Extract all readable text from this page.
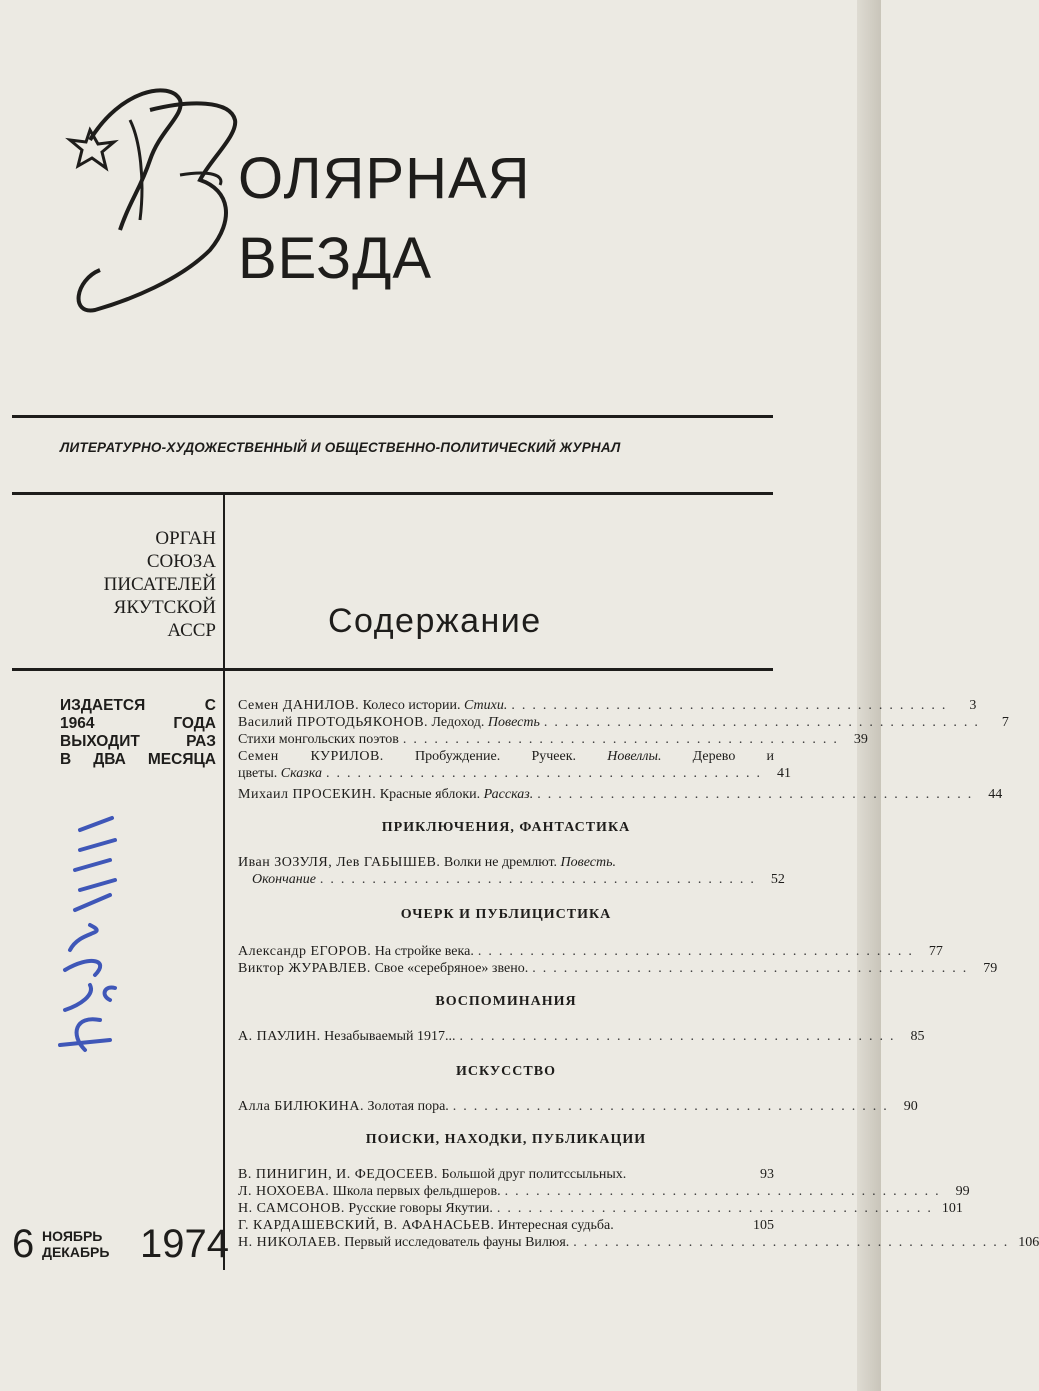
ОЛЯРНАЯ
ВЕЗДА
ЛИТЕРАТУРНО-ХУДОЖЕСТВЕННЫЙ И ОБЩЕСТВЕННО-ПОЛИТИЧЕСКИЙ ЖУРНАЛ
ОРГАН
СОЮЗА
ПИСАТЕЛЕЙ
ЯКУТСКОЙ
АССР	Содержание
ИЗДАЕТСЯ С
1964 ГОДА
ВЫХОДИТ РАЗ
В ДВА МЕСЯЦА
6 НОЯБРЬ
ДЕКАБРЬ 1974
Семен ДАНИЛОВ. Колесо истории. Стихи. ..........................................	3
Василий ПРОТОДЬЯКОНОВ. Ледоход. Повесть ..........................................	7
Стихи монгольских поэтов .......................................... 39
Семен КУРИЛОВ. Пробуждение. Ручеек. Новеллы. Дерево и
цветы. Сказка .......................................... 41
Михаил ПРОСЕКИН. Красные яблоки. Рассказ. .......................................... 44
ПРИКЛЮЧЕНИЯ, ФАНТАСТИКА
Иван ЗОЗУЛЯ, Лев ГАБЫШЕВ. Волки не дремлют. Повесть.
Окончание .......................................... 52
ОЧЕРК И ПУБЛИЦИСТИКА
Александр ЕГОРОВ. На стройке века. .......................................... 77
Виктор ЖУРАВЛЕВ. Свое «серебряное» звено. .......................................... 79
ВОСПОМИНАНИЯ
А. ПАУЛИН. Незабываемый 1917... .......................................... 85
ИСКУССТВО
Алла БИЛЮКИНА. Золотая пора. .......................................... 90
ПОИСКИ, НАХОДКИ, ПУБЛИКАЦИИ
В. ПИНИГИН, И. ФЕДОСЕЕВ. Большой друг политссыльных.	93
Л. НОХОЕВА. Школа первых фельдшеров. .......................................... 99
Н. САМСОНОВ. Русские говоры Якутии. .......................................... 101
Г. КАРДАШЕВСКИЙ, В. АФАНАСЬЕВ. Интересная судьба.	105
Н. НИКОЛАЕВ. Первый исследователь фауны Вилюя. .......................................... 106
